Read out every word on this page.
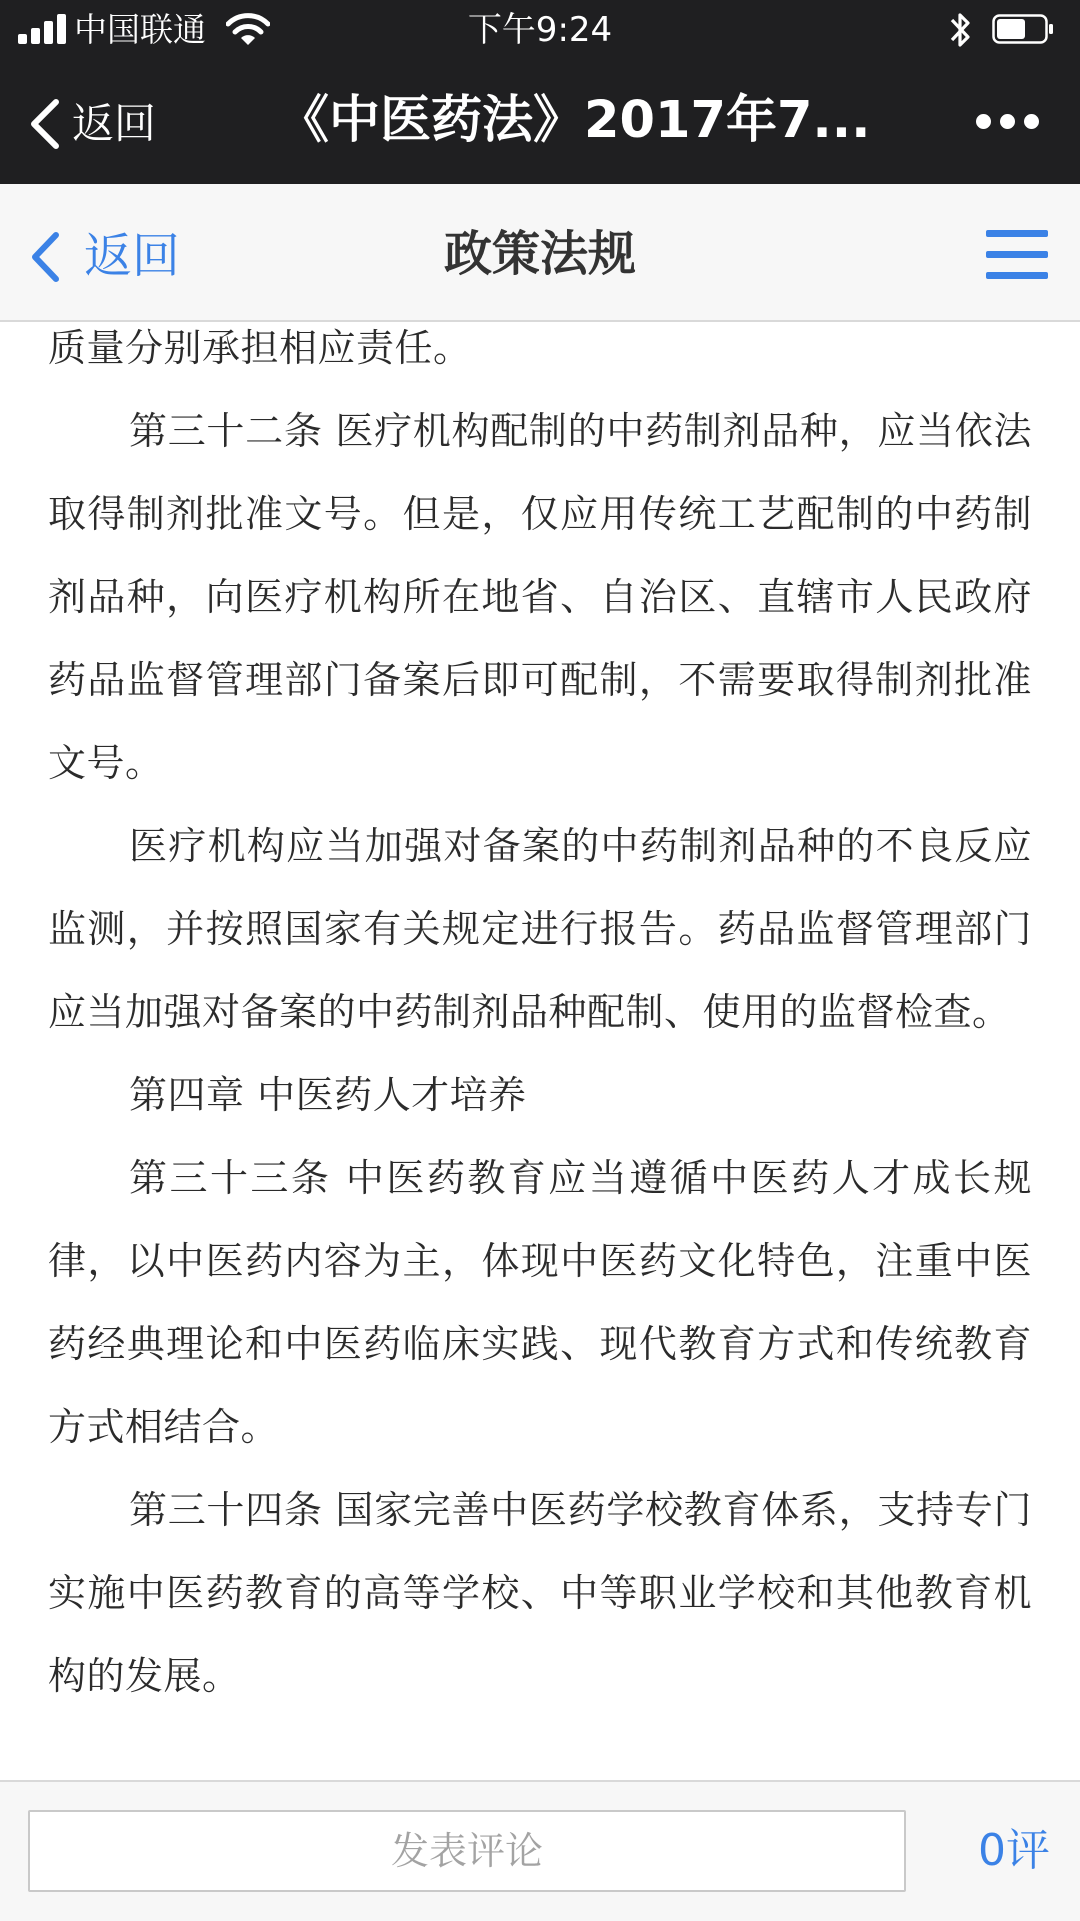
中国联通	下午9:24
返回 《中医药法》2017年7...
返回	政策法规

质量分别承担相应责任。

第三十二条 医疗机构配制的中药制剂品种，应当依法取得制剂批准文号。但是，仅应用传统工艺配制的中药制剂品种，向医疗机构所在地省、自治区、直辖市人民政府药品监督管理部门备案后即可配制，不需要取得制剂批准文号。

医疗机构应当加强对备案的中药制剂品种的不良反应监测，并按照国家有关规定进行报告。药品监督管理部门应当加强对备案的中药制剂品种配制、使用的监督检查。

第四章 中医药人才培养

第三十三条 中医药教育应当遵循中医药人才成长规律，以中医药内容为主，体现中医药文化特色，注重中医药经典理论和中医药临床实践、现代教育方式和传统教育方式相结合。

第三十四条 国家完善中医药学校教育体系，支持专门实施中医药教育的高等学校、中等职业学校和其他教育机构的发展。

发表评论	0评
